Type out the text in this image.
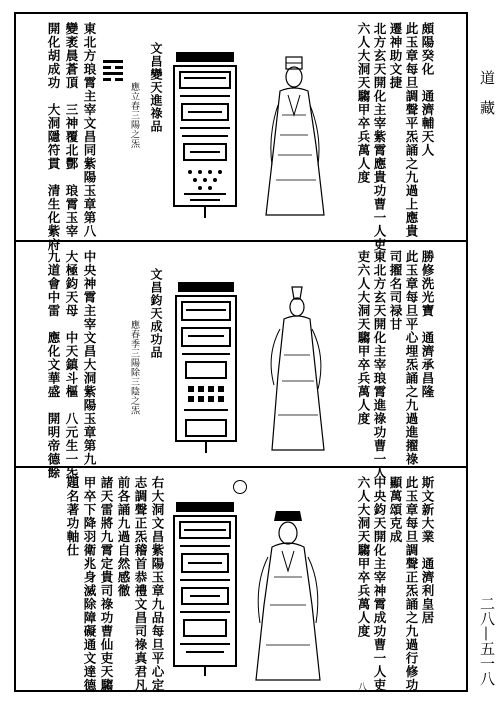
道　藏
二八—五一八
頗陽癸化　通濟輔天人
此玉章每旦調聲平炁誦之九過上應貴
遷神助文捷
北方玄天開化主宰紫霄應貴功曹一人吏
六人大洞天騶甲卒兵萬人度
文昌變天進祿品
應立春三陽之炁
東北方琅霄主宰文昌同紫陽玉章第八
變袤晨蒼頂　三神覆北酆　琅霄玉宰
開化胡成功　大洞隱符貫　清生化紫府
勝修洗光寶　通濟承昌隆
此玉章每旦平心埋炁誦之九過進擢祿
司擢名司禄甘
東北方玄天開化主宰琅霄進祿功曹一人
吏六人大洞天騶甲卒兵萬人度
文昌鈞天成功品
應春季三陽除三陰之炁
中央神霄主宰文昌大洞紫陽玉章第九
大極鈞天母　中天鎮斗樞　八元生一炁
九道會中雷　應化文華盛　開明帝德餘
斯文新大業　通濟利皇居
此玉章每旦調聲正炁誦之九過行修功
顯萬頌克成
中央鈞天開化主宰神霄成功曹一人吏
六人大洞天騶甲卒兵萬人度
右大洞文昌紫陽玉章九品每旦平心定
志調聲正炁稽首恭禮文昌司祿真君凡
前各誦九過自然感徹
諸天雷將九霄定貴司祿功曹仙吏天騶
甲卒下降羽衛兆身滅除障礙通文達德
題名著功軸仕
八
